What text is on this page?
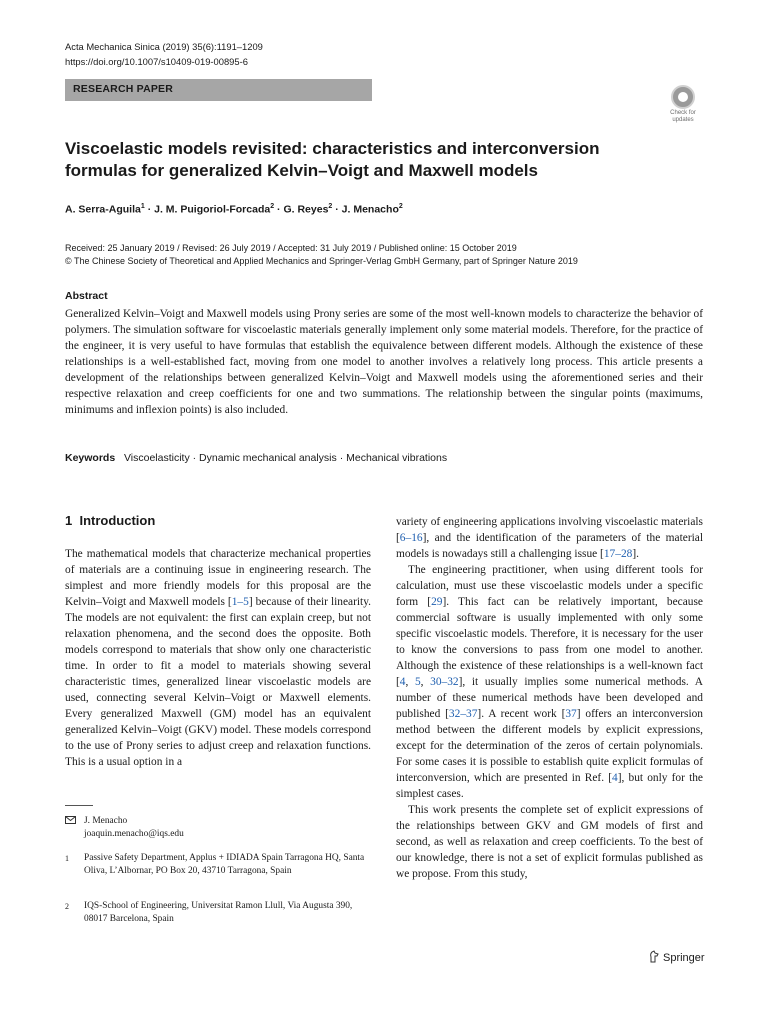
Acta Mechanica Sinica (2019) 35(6):1191–1209
https://doi.org/10.1007/s10409-019-00895-6
RESEARCH PAPER
Check for updates
Viscoelastic models revisited: characteristics and interconversion formulas for generalized Kelvin–Voigt and Maxwell models
A. Serra-Aguila$^1$ · J. M. Puigoriol-Forcada$^2$ · G. Reyes$^2$ · J. Menacho$^2$
Received: 25 January 2019 / Revised: 26 July 2019 / Accepted: 31 July 2019 / Published online: 15 October 2019
© The Chinese Society of Theoretical and Applied Mechanics and Springer-Verlag GmbH Germany, part of Springer Nature 2019
Abstract

Generalized Kelvin–Voigt and Maxwell models using Prony series are some of the most well-known models to characterize the behavior of polymers. The simulation software for viscoelastic materials generally implement only some material models. Therefore, for the practice of the engineer, it is very useful to have formulas that establish the equivalence between different models. Although the existence of these relationships is a well-established fact, moving from one model to another involves a relatively long process. This article presents a development of the relationships between generalized Kelvin–Voigt and Maxwell models using the aforementioned series and their respective relaxation and creep coefficients for one and two summations. The relationship between the singular points (maximums, minimums and inflexion points) is also included.

Keywords Viscoelasticity · Dynamic mechanical analysis · Mechanical vibrations
1 Introduction

The mathematical models that characterize mechanical properties of materials are a continuing issue in engineering research. The simplest and more friendly models for this proposal are the Kelvin–Voigt and Maxwell models [1–5] because of their linearity. The models are not equivalent: the first can explain creep, but not relaxation phenomena, and the second does the opposite. Both models correspond to materials that show only one characteristic time. In order to fit a model to materials showing several characteristic times, generalized linear viscoelastic models are used, connecting several Kelvin–Voigt or Maxwell elements. Every generalized Maxwell (GM) model has an equivalent generalized Kelvin–Voigt (GKV) model. These models correspond to the use of Prony series to adjust creep and relaxation functions. This is a usual option in a

variety of engineering applications involving viscoelastic materials [6–16], and the identification of the parameters of the material models is nowadays still a challenging issue [17–28].

The engineering practitioner, when using different tools for calculation, must use these viscoelastic models under a specific form [29]. This fact can be relatively important, because commercial software is usually implemented with only some specific viscoelastic models. Therefore, it is necessary for the user to know the conversions to pass from one model to another. Although the existence of these relationships is a well-known fact [4, 5, 30–32], it usually implies some numerical methods. A number of these numerical methods have been developed and published [32–37]. A recent work [37] offers an interconversion method between the different models by explicit expressions, except for the determination of the zeros of certain polynomials. For some cases it is possible to establish quite explicit formulas of interconversion, which are presented in Ref. [4], but only for the simplest cases.

This work presents the complete set of explicit expressions of the relationships between GKV and GM models of first and second, as well as relaxation and creep coefficients. To the best of our knowledge, there is not a set of explicit formulas published as we propose. From this study,

J. Menacho
joaquin.menacho@iqs.edu
1 Passive Safety Department, Applus + IDIADA Spain Tarragona HQ, Santa Oliva, L’Albornar, PO Box 20, 43710 Tarragona, Spain
2 IQS-School of Engineering, Universitat Ramon Llull, Via Augusta 390, 08017 Barcelona, Spain
Springer
